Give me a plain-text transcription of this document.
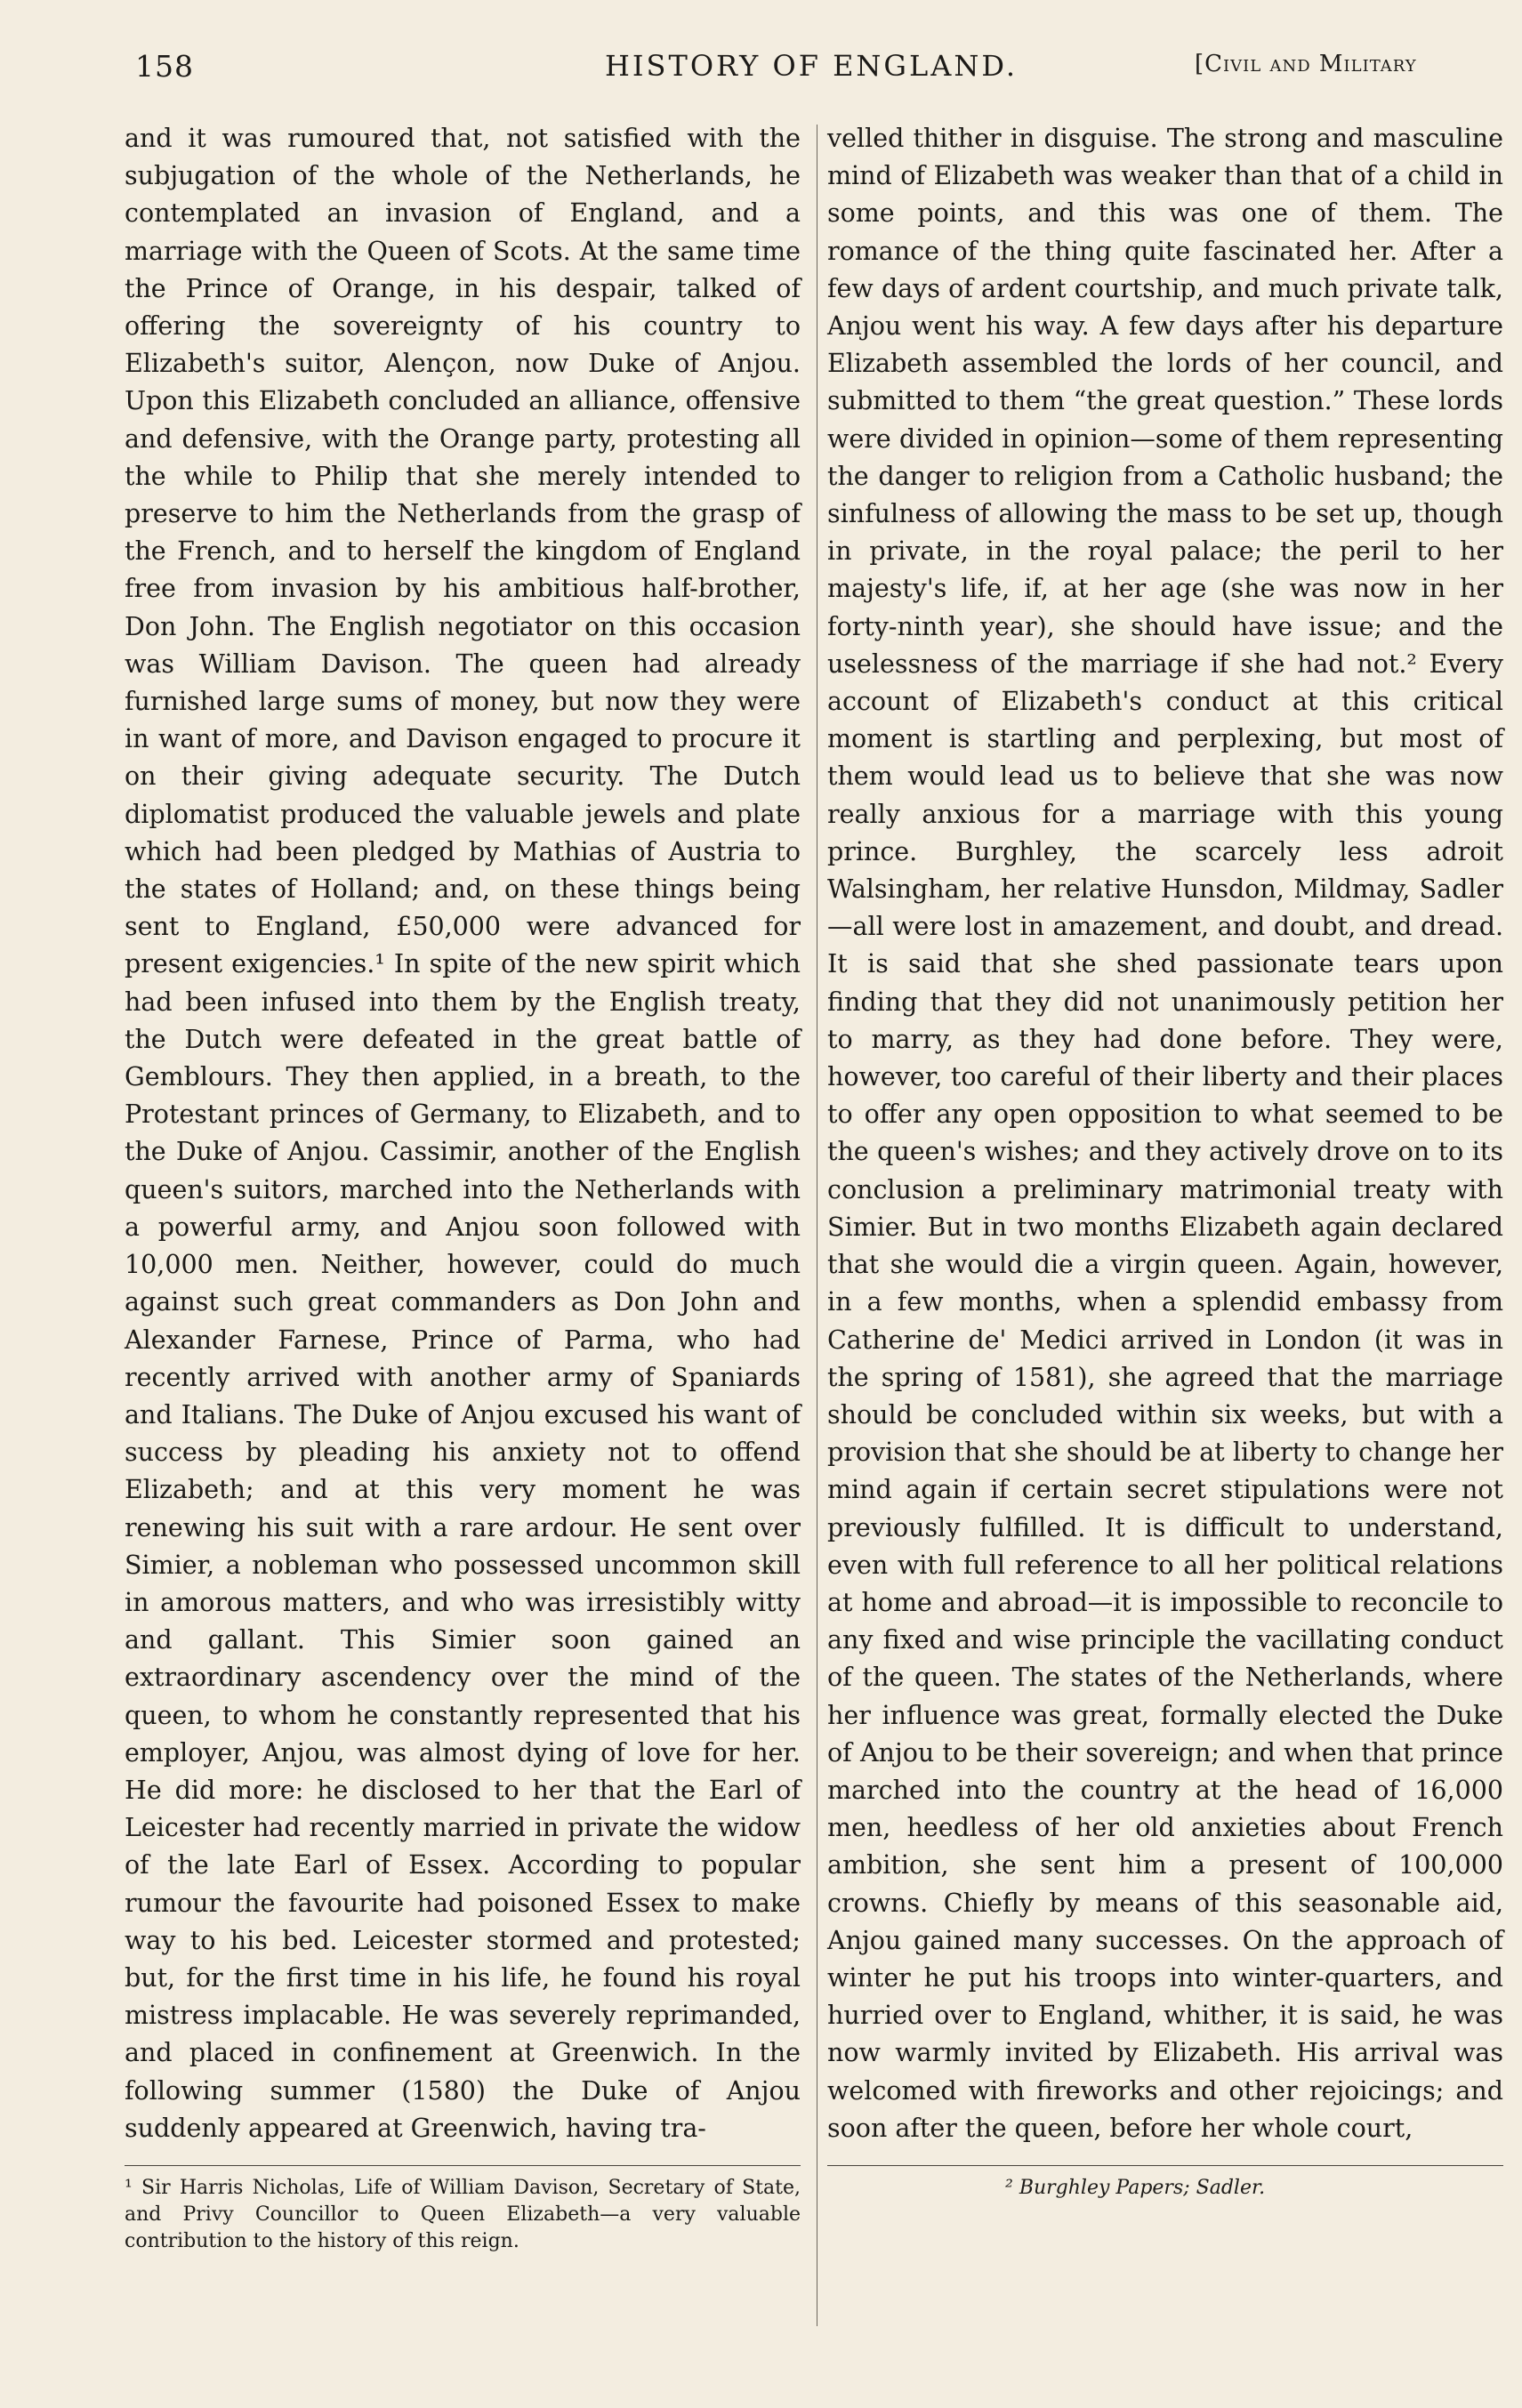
158	HISTORY OF ENGLAND.	[Civil and Military

and it was rumoured that, not satisfied with the subjugation of the whole of the Netherlands, he contemplated an invasion of England, and a marriage with the Queen of Scots. At the same time the Prince of Orange, in his despair, talked of offering the sovereignty of his country to Elizabeth's suitor, Alençon, now Duke of Anjou. Upon this Elizabeth concluded an alliance, offensive and defensive, with the Orange party, protesting all the while to Philip that she merely intended to preserve to him the Netherlands from the grasp of the French, and to herself the kingdom of England free from invasion by his ambitious half-brother, Don John. The English negotiator on this occasion was William Davison. The queen had already furnished large sums of money, but now they were in want of more, and Davison engaged to procure it on their giving adequate security. The Dutch diplomatist produced the valuable jewels and plate which had been pledged by Mathias of Austria to the states of Holland; and, on these things being sent to England, £50,000 were advanced for present exigencies.¹ In spite of the new spirit which had been infused into them by the English treaty, the Dutch were defeated in the great battle of Gemblours. They then applied, in a breath, to the Protestant princes of Germany, to Elizabeth, and to the Duke of Anjou. Cassimir, another of the English queen's suitors, marched into the Netherlands with a powerful army, and Anjou soon followed with 10,000 men. Neither, however, could do much against such great commanders as Don John and Alexander Farnese, Prince of Parma, who had recently arrived with another army of Spaniards and Italians. The Duke of Anjou excused his want of success by pleading his anxiety not to offend Elizabeth; and at this very moment he was renewing his suit with a rare ardour. He sent over Simier, a nobleman who possessed uncommon skill in amorous matters, and who was irresistibly witty and gallant. This Simier soon gained an extraordinary ascendency over the mind of the queen, to whom he constantly represented that his employer, Anjou, was almost dying of love for her. He did more: he disclosed to her that the Earl of Leicester had recently married in private the widow of the late Earl of Essex. According to popular rumour the favourite had poisoned Essex to make way to his bed. Leicester stormed and protested; but, for the first time in his life, he found his royal mistress implacable. He was severely reprimanded, and placed in confinement at Greenwich. In the following summer (1580) the Duke of Anjou suddenly appeared at Greenwich, having tra-

¹ Sir Harris Nicholas, Life of William Davison, Secretary of State, and Privy Councillor to Queen Elizabeth—a very valuable contribution to the history of this reign.

velled thither in disguise. The strong and masculine mind of Elizabeth was weaker than that of a child in some points, and this was one of them. The romance of the thing quite fascinated her. After a few days of ardent courtship, and much private talk, Anjou went his way. A few days after his departure Elizabeth assembled the lords of her council, and submitted to them “the great question.” These lords were divided in opinion—some of them representing the danger to religion from a Catholic husband; the sinfulness of allowing the mass to be set up, though in private, in the royal palace; the peril to her majesty's life, if, at her age (she was now in her forty-ninth year), she should have issue; and the uselessness of the marriage if she had not.² Every account of Elizabeth's conduct at this critical moment is startling and perplexing, but most of them would lead us to believe that she was now really anxious for a marriage with this young prince. Burghley, the scarcely less adroit Walsingham, her relative Hunsdon, Mildmay, Sadler —all were lost in amazement, and doubt, and dread. It is said that she shed passionate tears upon finding that they did not unanimously petition her to marry, as they had done before. They were, however, too careful of their liberty and their places to offer any open opposition to what seemed to be the queen's wishes; and they actively drove on to its conclusion a preliminary matrimonial treaty with Simier. But in two months Elizabeth again declared that she would die a virgin queen. Again, however, in a few months, when a splendid embassy from Catherine de' Medici arrived in London (it was in the spring of 1581), she agreed that the marriage should be concluded within six weeks, but with a provision that she should be at liberty to change her mind again if certain secret stipulations were not previously fulfilled. It is difficult to understand, even with full reference to all her political relations at home and abroad—it is impossible to reconcile to any fixed and wise principle the vacillating conduct of the queen. The states of the Netherlands, where her influence was great, formally elected the Duke of Anjou to be their sovereign; and when that prince marched into the country at the head of 16,000 men, heedless of her old anxieties about French ambition, she sent him a present of 100,000 crowns. Chiefly by means of this seasonable aid, Anjou gained many successes. On the approach of winter he put his troops into winter-quarters, and hurried over to England, whither, it is said, he was now warmly invited by Elizabeth. His arrival was welcomed with fireworks and other rejoicings; and soon after the queen, before her whole court,

² Burghley Papers; Sadler.
